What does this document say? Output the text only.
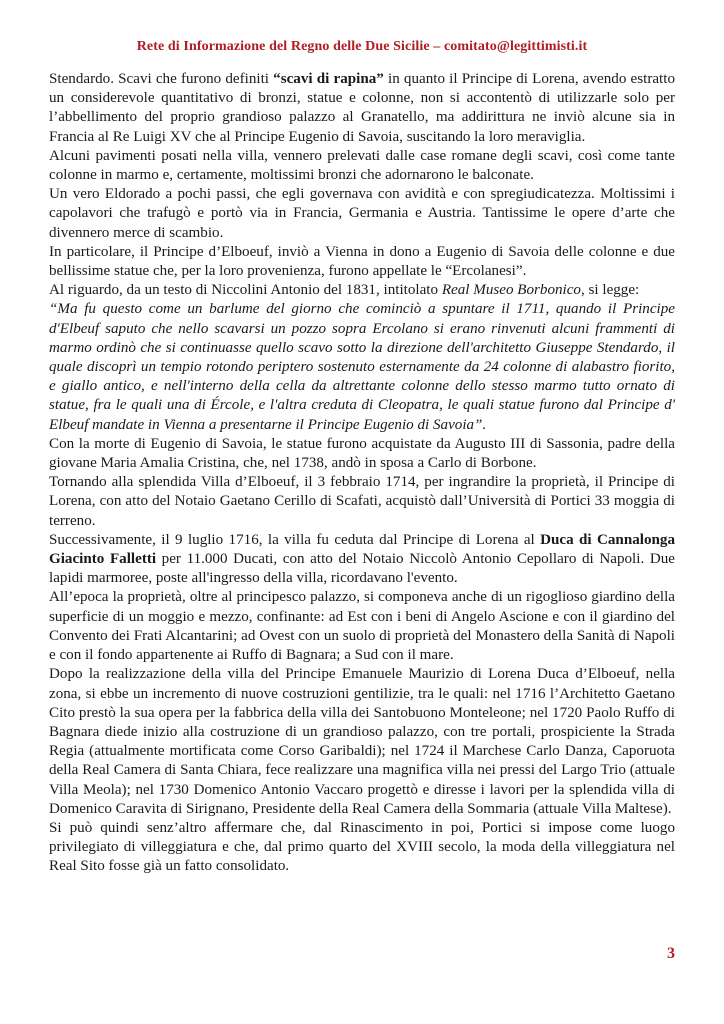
Rete di Informazione del Regno delle Due Sicilie – comitato@legittimisti.it

Stendardo. Scavi che furono definiti “scavi di rapina” in quanto il Principe di Lorena, avendo estratto un considerevole quantitativo di bronzi, statue e colonne, non si accontentò di utilizzarle solo per l’abbellimento del proprio grandioso palazzo al Granatello, ma addirittura ne inviò alcune sia in Francia al Re Luigi XV che al Principe Eugenio di Savoia, suscitando la loro meraviglia.

Alcuni pavimenti posati nella villa, vennero prelevati dalle case romane degli scavi, così come tante colonne in marmo e, certamente, moltissimi bronzi che adornarono le balconate.

Un vero Eldorado a pochi passi, che egli governava con avidità e con spregiudicatezza. Moltissimi i capolavori che trafugò e portò via in Francia, Germania e Austria. Tantissime le opere d’arte che divennero merce di scambio.

In particolare, il Principe d’Elboeuf, inviò a Vienna in dono a Eugenio di Savoia delle colonne e due bellissime statue che, per la loro provenienza, furono appellate le “Ercolanesi”.

Al riguardo, da un testo di Niccolini Antonio del 1831, intitolato Real Museo Borbonico, si legge:

“Ma fu questo come un barlume del giorno che cominciò a spuntare il 1711, quando il Principe d'Elbeuf saputo che nello scavarsi un pozzo sopra Ercolano si erano rinvenuti alcuni frammenti di marmo ordinò che si continuasse quello scavo sotto la direzione dell'architetto Giuseppe Stendardo, il quale discoprì un tempio rotondo periptero sostenuto esternamente da 24 colonne di alabastro fiorito, e giallo antico, e nell'interno della cella da altrettante colonne dello stesso marmo tutto ornato di statue, fra le quali una di Ércole, e l'altra creduta di Cleopatra, le quali statue furono dal Principe d' Elbeuf mandate in Vienna a presentarne il Principe Eugenio di Savoia”.

Con la morte di Eugenio di Savoia, le statue furono acquistate da Augusto III di Sassonia, padre della giovane Maria Amalia Cristina, che, nel 1738, andò in sposa a Carlo di Borbone.

Tornando alla splendida Villa d’Elboeuf, il 3 febbraio 1714, per ingrandire la proprietà, il Principe di Lorena, con atto del Notaio Gaetano Cerillo di Scafati, acquistò dall’Università di Portici 33 moggia di terreno.

Successivamente, il 9 luglio 1716, la villa fu ceduta dal Principe di Lorena al Duca di Cannalonga Giacinto Falletti per 11.000 Ducati, con atto del Notaio Niccolò Antonio Cepollaro di Napoli. Due lapidi marmoree, poste all'ingresso della villa, ricordavano l'evento.

All’epoca la proprietà, oltre al principesco palazzo, si componeva anche di un rigoglioso giardino della superficie di un moggio e mezzo, confinante: ad Est con i beni di Angelo Ascione e con il giardino del Convento dei Frati Alcantarini; ad Ovest con un suolo di proprietà del Monastero della Sanità di Napoli e con il fondo appartenente ai Ruffo di Bagnara; a Sud con il mare.

Dopo la realizzazione della villa del Principe Emanuele Maurizio di Lorena Duca d’Elboeuf, nella zona, si ebbe un incremento di nuove costruzioni gentilizie, tra le quali: nel 1716 l’Architetto Gaetano Cito prestò la sua opera per la fabbrica della villa dei Santobuono Monteleone; nel 1720 Paolo Ruffo di Bagnara diede inizio alla costruzione di un grandioso palazzo, con tre portali, prospiciente la Strada Regia (attualmente mortificata come Corso Garibaldi); nel 1724 il Marchese Carlo Danza, Caporuota della Real Camera di Santa Chiara, fece realizzare una magnifica villa nei pressi del Largo Trio (attuale Villa Meola); nel 1730 Domenico Antonio Vaccaro progettò e diresse i lavori per la splendida villa di Domenico Caravita di Sirignano, Presidente della Real Camera della Sommaria (attuale Villa Maltese).

Si può quindi senz’altro affermare che, dal Rinascimento in poi, Portici si impose come luogo privilegiato di villeggiatura e che, dal primo quarto del XVIII secolo, la moda della villeggiatura nel Real Sito fosse già un fatto consolidato.

3
